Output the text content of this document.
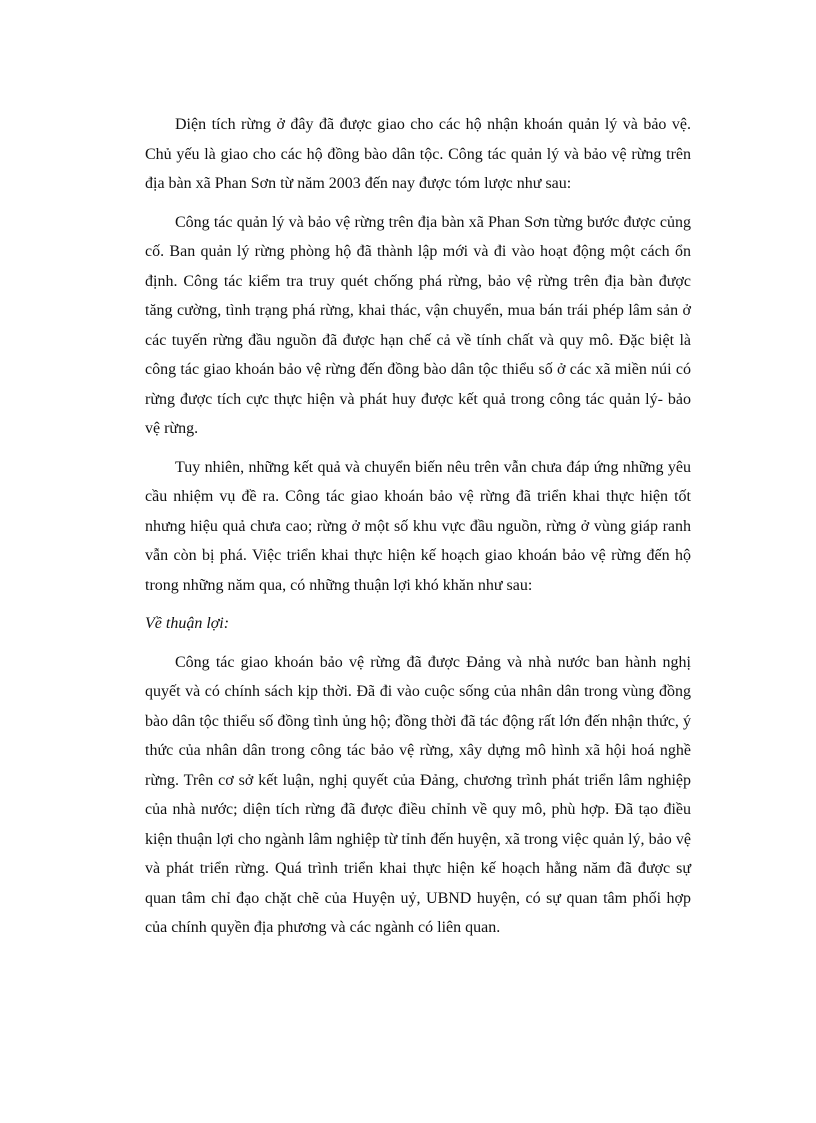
Diện tích rừng ở đây đã được giao cho các hộ nhận khoán quản lý và bảo vệ. Chủ yếu là giao cho các hộ đồng bào dân tộc. Công tác quản lý và bảo vệ rừng trên địa bàn xã Phan Sơn từ năm 2003 đến nay được tóm lược như sau:

Công tác quản lý và bảo vệ rừng trên địa bàn xã Phan Sơn từng bước được củng cố. Ban quản lý rừng phòng hộ đã thành lập mới và đi vào hoạt động một cách ổn định. Công tác kiểm tra truy quét chống phá rừng, bảo vệ rừng trên địa bàn được tăng cường, tình trạng phá rừng, khai thác, vận chuyển, mua bán trái phép lâm sản ở các tuyến rừng đầu nguồn đã được hạn chế cả về tính chất và quy mô. Đặc biệt là công tác giao khoán bảo vệ rừng đến đồng bào dân tộc thiểu số ở các xã miền núi có rừng được tích cực thực hiện và phát huy được kết quả trong công tác quản lý- bảo vệ rừng.

Tuy nhiên, những kết quả và chuyển biến nêu trên vẫn chưa đáp ứng những yêu cầu nhiệm vụ đề ra. Công tác giao khoán bảo vệ rừng đã triển khai thực hiện tốt nhưng hiệu quả chưa cao; rừng ở một số khu vực đầu nguồn, rừng ở vùng giáp ranh vẫn còn bị phá. Việc triển khai thực hiện kế hoạch giao khoán bảo vệ rừng đến hộ trong những năm qua, có những thuận lợi khó khăn như sau:

Về thuận lợi:

Công tác giao khoán bảo vệ rừng đã được Đảng và nhà nước ban hành nghị quyết và có chính sách kịp thời. Đã đi vào cuộc sống của nhân dân trong vùng đồng bào dân tộc thiểu số đồng tình ủng hộ; đồng thời đã tác động rất lớn đến nhận thức, ý thức của nhân dân trong công tác bảo vệ rừng, xây dựng mô hình xã hội hoá nghề rừng. Trên cơ sở kết luận, nghị quyết của Đảng, chương trình phát triển lâm nghiệp của nhà nước; diện tích rừng đã được điều chỉnh về quy mô, phù hợp. Đã tạo điều kiện thuận lợi cho ngành lâm nghiệp từ tỉnh đến huyện, xã trong việc quản lý, bảo vệ và phát triển rừng. Quá trình triển khai thực hiện kế hoạch hằng năm đã được sự quan tâm chỉ đạo chặt chẽ của Huyện uỷ, UBND huyện, có sự quan tâm phối hợp của chính quyền địa phương và các ngành có liên quan.
